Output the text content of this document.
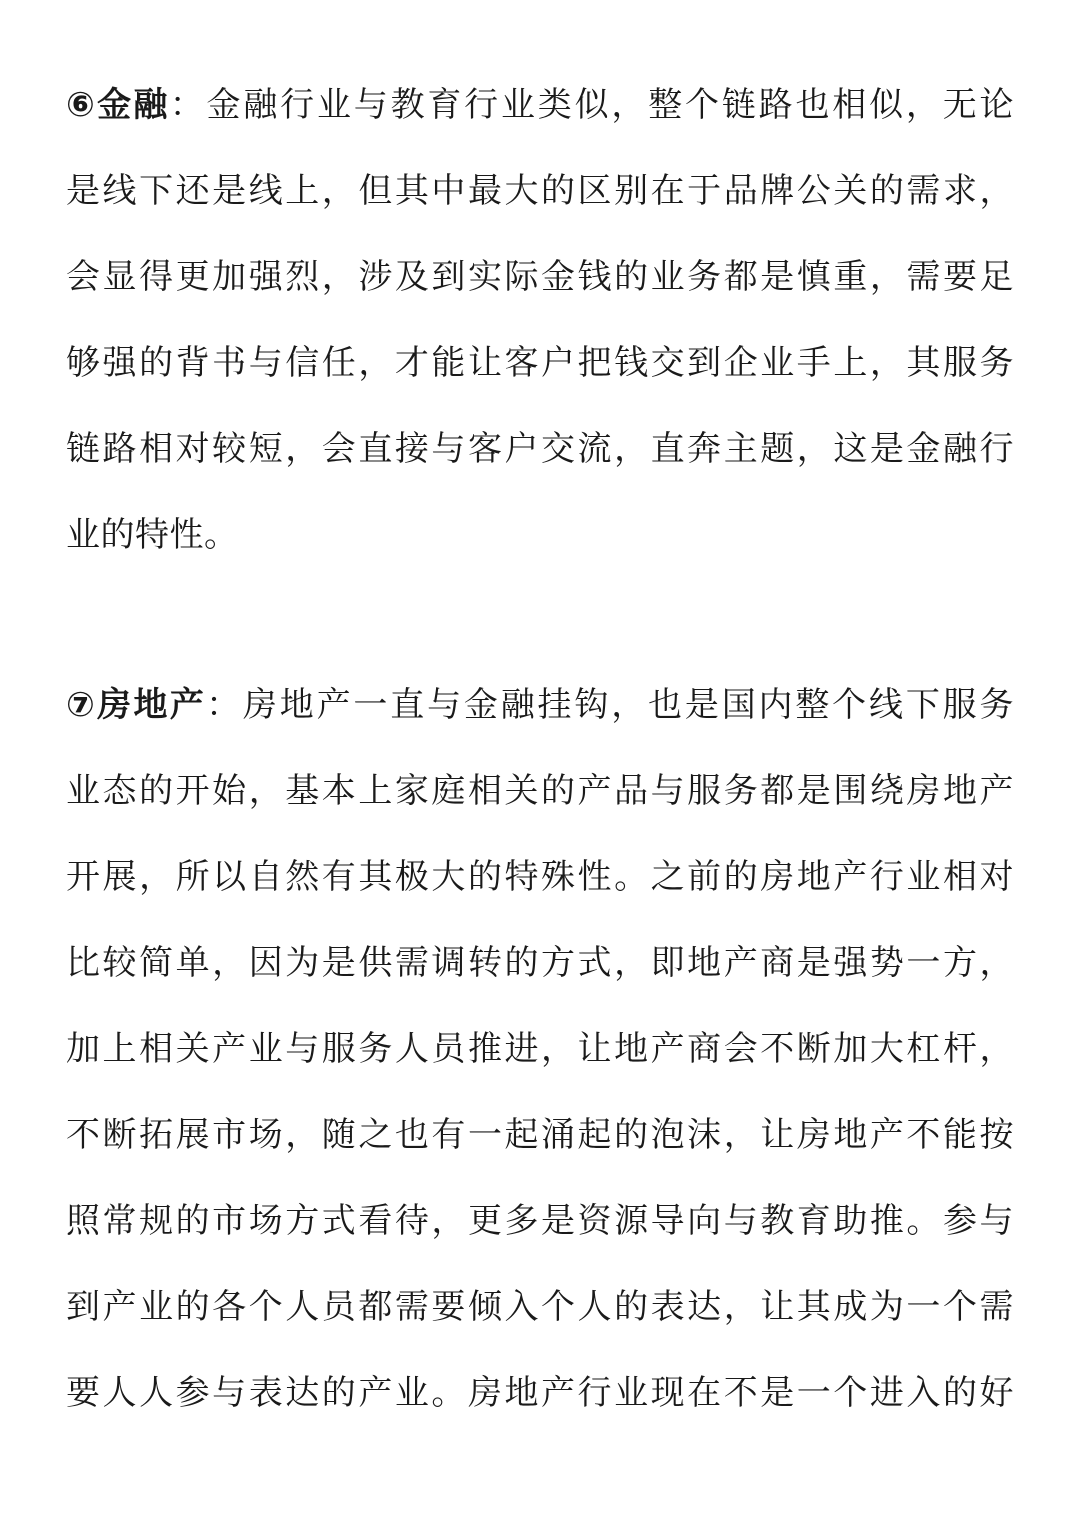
⑥金融：金融行业与教育行业类似，整个链路也相似，无论
是线下还是线上，但其中最大的区别在于品牌公关的需求，
会显得更加强烈，涉及到实际金钱的业务都是慎重，需要足
够强的背书与信任，才能让客户把钱交到企业手上，其服务
链路相对较短，会直接与客户交流，直奔主题，这是金融行
业的特性。
⑦房地产：房地产一直与金融挂钩，也是国内整个线下服务
业态的开始，基本上家庭相关的产品与服务都是围绕房地产
开展，所以自然有其极大的特殊性。之前的房地产行业相对
比较简单，因为是供需调转的方式，即地产商是强势一方，
加上相关产业与服务人员推进，让地产商会不断加大杠杆，
不断拓展市场，随之也有一起涌起的泡沫，让房地产不能按
照常规的市场方式看待，更多是资源导向与教育助推。参与
到产业的各个人员都需要倾入个人的表达，让其成为一个需
要人人参与表达的产业。房地产行业现在不是一个进入的好
